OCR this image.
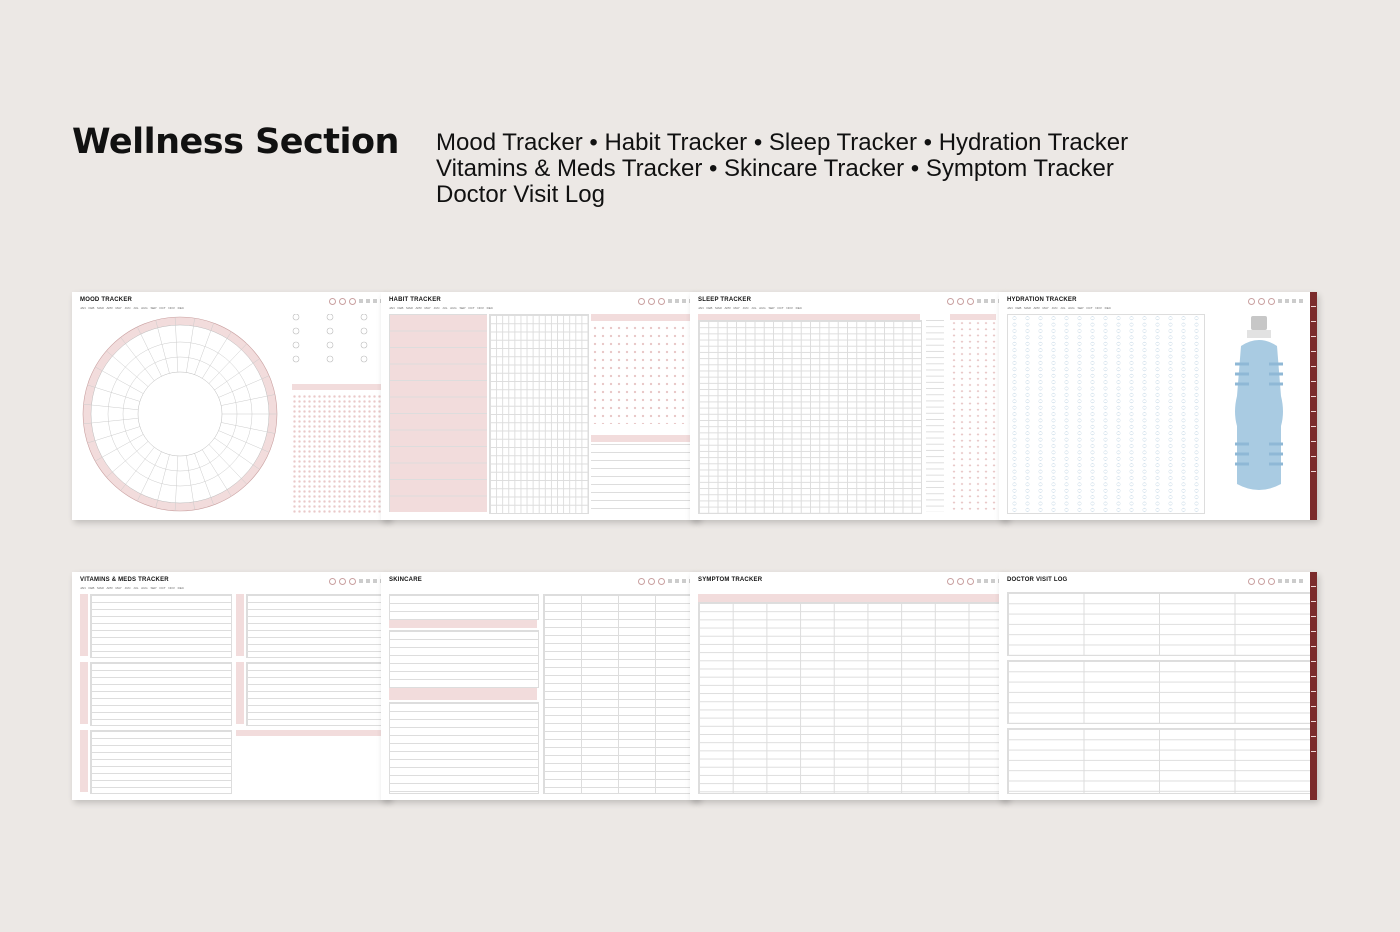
Wellness Section Mood Tracker • Habit Tracker • Sleep Tracker • Hydration Tracker
Vitamins & Meds Tracker • Skincare Tracker • Symptom Tracker
Doctor Visit Log
MOOD TRACKER
JAN FEB MAR APR MAY JUN JUL AUG SEP OCT NOV DEC
HABIT TRACKER
JAN FEB MAR APR MAY JUN JUL AUG SEP OCT NOV DEC
SLEEP TRACKER
JAN FEB MAR APR MAY JUN JUL AUG SEP OCT NOV DEC
HYDRATION TRACKER
JAN FEB MAR APR MAY JUN JUL AUG SEP OCT NOV DEC
VITAMINS & MEDS TRACKER
JAN FEB MAR APR MAY JUN JUL AUG SEP OCT NOV DEC
SKINCARE	SYMPTOM TRACKER	DOCTOR VISIT LOG
